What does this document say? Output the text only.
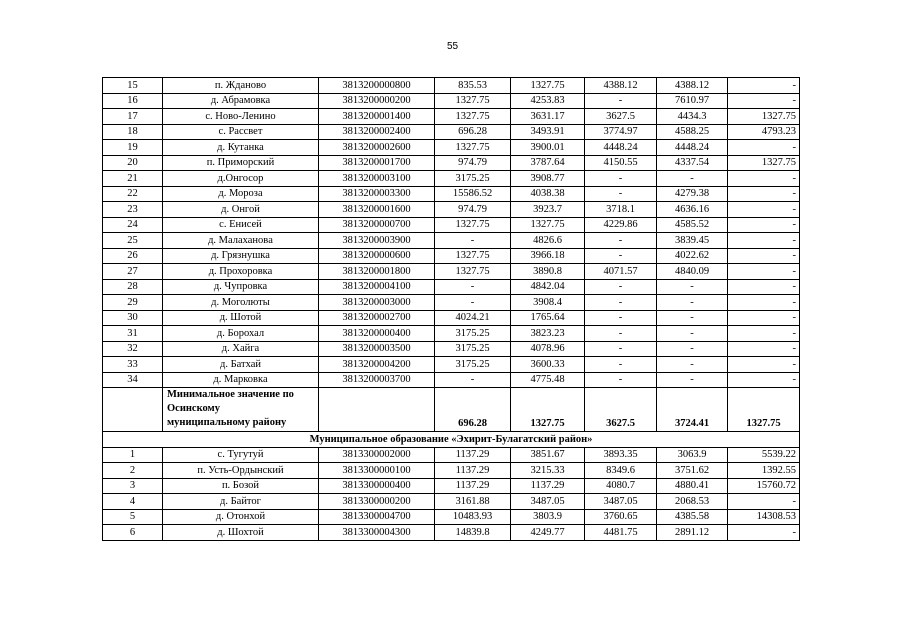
55
15	п. Жданово	3813200000800	835.53	1327.75	4388.12	4388.12	-
16	д. Абрамовка	3813200000200	1327.75	4253.83	-	7610.97	-
17	с. Ново-Ленино	3813200001400	1327.75	3631.17	3627.5	4434.3	1327.75
18	с. Рассвет	3813200002400	696.28	3493.91	3774.97	4588.25	4793.23
19	д. Кутанка	3813200002600	1327.75	3900.01	4448.24	4448.24	-
20	п. Приморский	3813200001700	974.79	3787.64	4150.55	4337.54	1327.75
21	д.Онгосор	3813200003100	3175.25	3908.77	-	-	-
22	д. Мороза	3813200003300	15586.52	4038.38	-	4279.38	-
23	д. Онгой	3813200001600	974.79	3923.7	3718.1	4636.16	-
24	с. Енисей	3813200000700	1327.75	1327.75	4229.86	4585.52	-
25	д. Малахановa	3813200003900	-	4826.6	-	3839.45	-
26	д. Грязнушка	3813200000600	1327.75	3966.18	-	4022.62	-
27	д. Прохоровка	3813200001800	1327.75	3890.8	4071.57	4840.09	-
28	д. Чупровка	3813200004100	-	4842.04	-	-	-
29	д. Моголюты	3813200003000	-	3908.4	-	-	-
30	д. Шотой	3813200002700	4024.21	1765.64	-	-	-
31	д. Борохал	3813200000400	3175.25	3823.23	-	-	-
32	д. Хайга	3813200003500	3175.25	4078.96	-	-	-
33	д. Батхай	3813200004200	3175.25	3600.33	-	-	-
34	д. Марковка	3813200003700	-	4775.48	-	-	-

	Минимальное значение по
Осинскому
муниципальному району		696.28	1327.75	3627.5	3724.41	1327.75
Муниципальное образование «Эхирит-Булагатский район»							
1	с. Тугутуй	3813300002000	1137.29	3851.67	3893.35	3063.9	5539.22
2	п. Усть-Ордынский	3813300000100	1137.29	3215.33	8349.6	3751.62	1392.55
3	п. Бозой	3813300000400	1137.29	1137.29	4080.7	4880.41	15760.72
4	д. Байтог	3813300000200	3161.88	3487.05	3487.05	2068.53	-
5	д. Отонхой	3813300004700	10483.93	3803.9	3760.65	4385.58	14308.53
6	д. Шохтой	3813300004300	14839.8	4249.77	4481.75	2891.12	-
